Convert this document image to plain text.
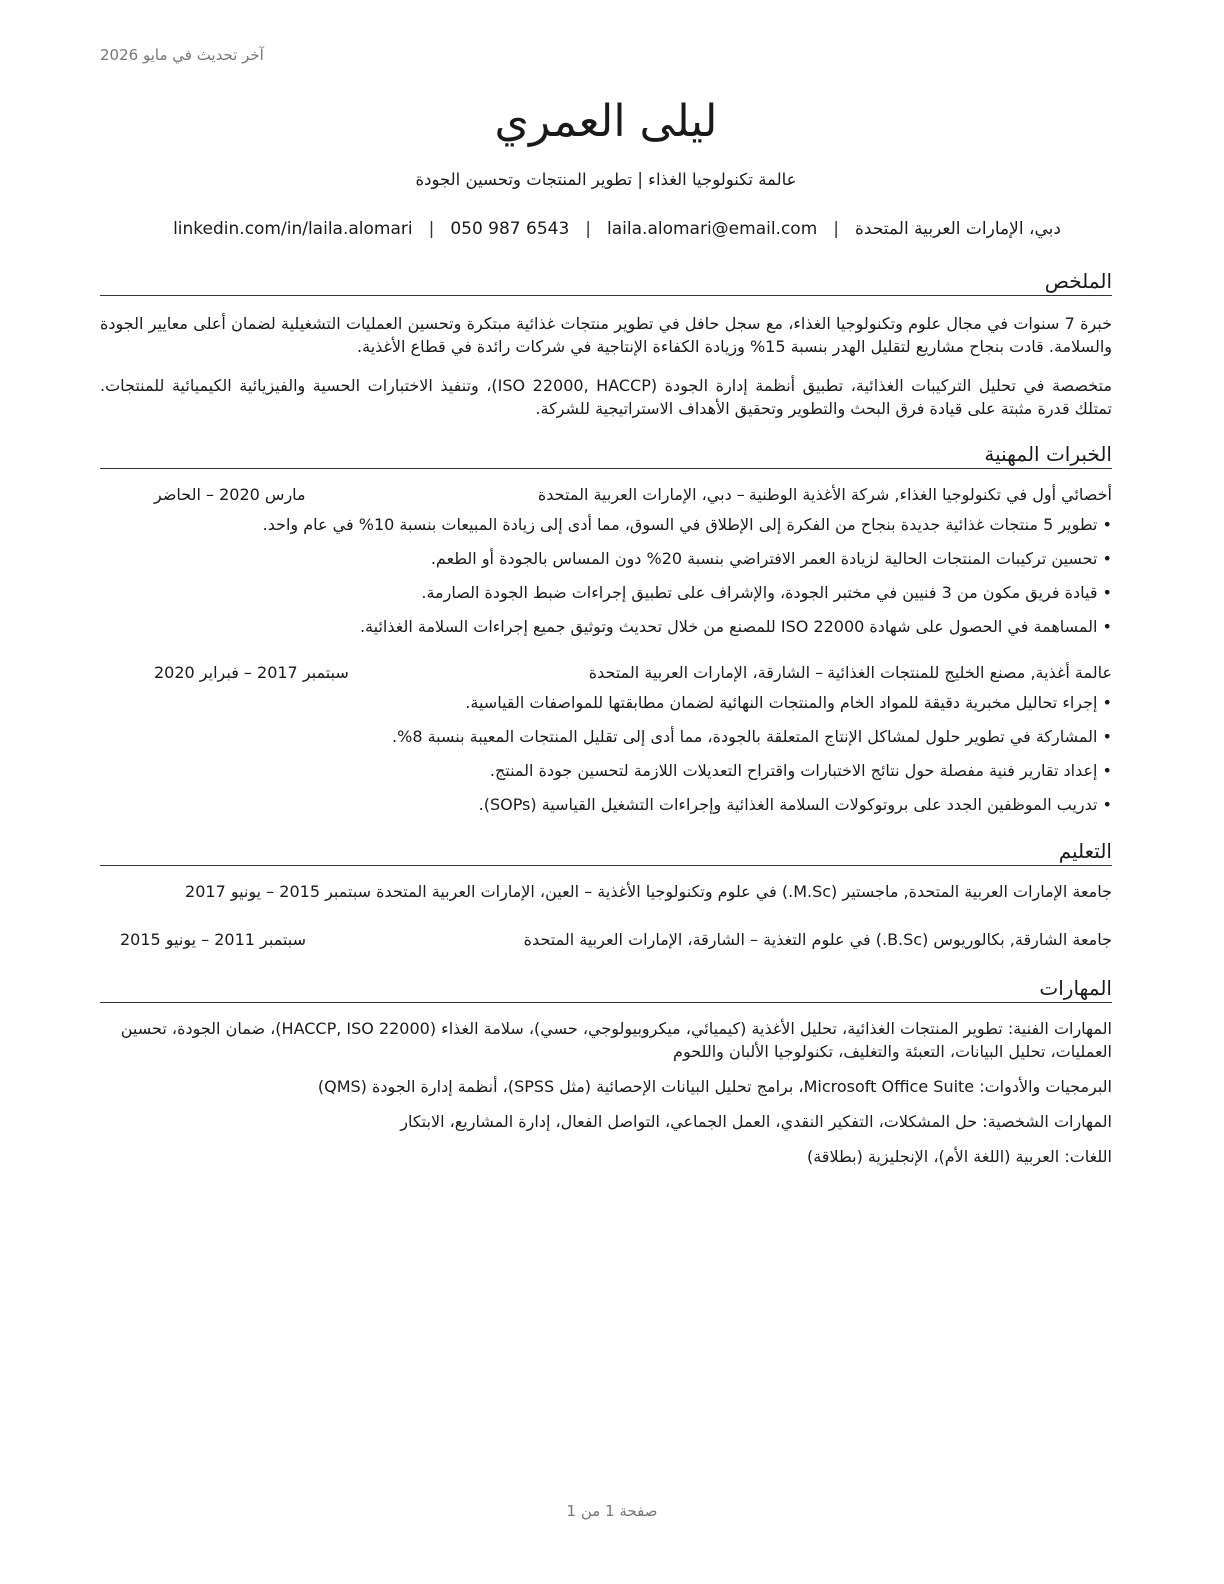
آخر تحديث في مايو 2026
ليلى العمري
عالمة تكنولوجيا الغذاء | تطوير المنتجات وتحسين الجودة
دبي، الإمارات العربية المتحدة
|
laila.alomari@email.com
|
050 987 6543
|
linkedin.com/in/laila.alomari
الملخص

خبرة 7 سنوات في مجال علوم وتكنولوجيا الغذاء، مع سجل حافل في تطوير منتجات غذائية مبتكرة وتحسين العمليات التشغيلية لضمان أعلى معايير الجودة والسلامة. قادت بنجاح مشاريع لتقليل الهدر بنسبة 15% وزيادة الكفاءة الإنتاجية في شركات رائدة في قطاع الأغذية.

متخصصة في تحليل التركيبات الغذائية، تطبيق أنظمة إدارة الجودة (ISO 22000, HACCP)، وتنفيذ الاختبارات الحسية والفيزيائية الكيميائية للمنتجات. تمتلك قدرة مثبتة على قيادة فرق البحث والتطوير وتحقيق الأهداف الاستراتيجية للشركة.

الخبرات المهنية
أخصائي أول في تكنولوجيا الغذاء, شركة الأغذية الوطنية
– دبي، الإمارات العربية المتحدة
مارس 2020 – الحاضر
• تطوير 5 منتجات غذائية جديدة بنجاح من الفكرة إلى الإطلاق في السوق، مما أدى إلى زيادة المبيعات بنسبة 10% في عام واحد.
• تحسين تركيبات المنتجات الحالية لزيادة العمر الافتراضي بنسبة 20% دون المساس بالجودة أو الطعم.
• قيادة فريق مكون من 3 فنيين في مختبر الجودة، والإشراف على تطبيق إجراءات ضبط الجودة الصارمة.
• المساهمة في الحصول على شهادة ISO 22000 للمصنع من خلال تحديث وتوثيق جميع إجراءات السلامة الغذائية.
عالمة أغذية, مصنع الخليج للمنتجات الغذائية
– الشارقة، الإمارات العربية المتحدة
سبتمبر 2017 – فبراير 2020
• إجراء تحاليل مخبرية دقيقة للمواد الخام والمنتجات النهائية لضمان مطابقتها للمواصفات القياسية.
• المشاركة في تطوير حلول لمشاكل الإنتاج المتعلقة بالجودة، مما أدى إلى تقليل المنتجات المعيبة بنسبة 8%.
• إعداد تقارير فنية مفصلة حول نتائج الاختبارات واقتراح التعديلات اللازمة لتحسين جودة المنتج.
• تدريب الموظفين الجدد على بروتوكولات السلامة الغذائية وإجراءات التشغيل القياسية (SOPs).
التعليم
جامعة الإمارات العربية المتحدة, ماجستير (M.Sc.) في علوم وتكنولوجيا الأغذية – العين، الإمارات العربية المتحدة سبتمبر 2015 – يونيو 2017
جامعة الشارقة, بكالوريوس (B.Sc.) في علوم التغذية – الشارقة، الإمارات العربية المتحدة
سبتمبر 2011 – يونيو 2015
المهارات

المهارات الفنية: تطوير المنتجات الغذائية، تحليل الأغذية (كيميائي، ميكروبيولوجي، حسي)، سلامة الغذاء (HACCP, ISO 22000)، ضمان الجودة، تحسين العمليات، تحليل البيانات، التعبئة والتغليف، تكنولوجيا الألبان واللحوم

البرمجيات والأدوات: Microsoft Office Suite، برامج تحليل البيانات الإحصائية (مثل SPSS)، أنظمة إدارة الجودة (QMS)

المهارات الشخصية: حل المشكلات، التفكير النقدي، العمل الجماعي، التواصل الفعال، إدارة المشاريع، الابتكار

اللغات: العربية (اللغة الأم)، الإنجليزية (بطلاقة)

صفحة 1 من 1
